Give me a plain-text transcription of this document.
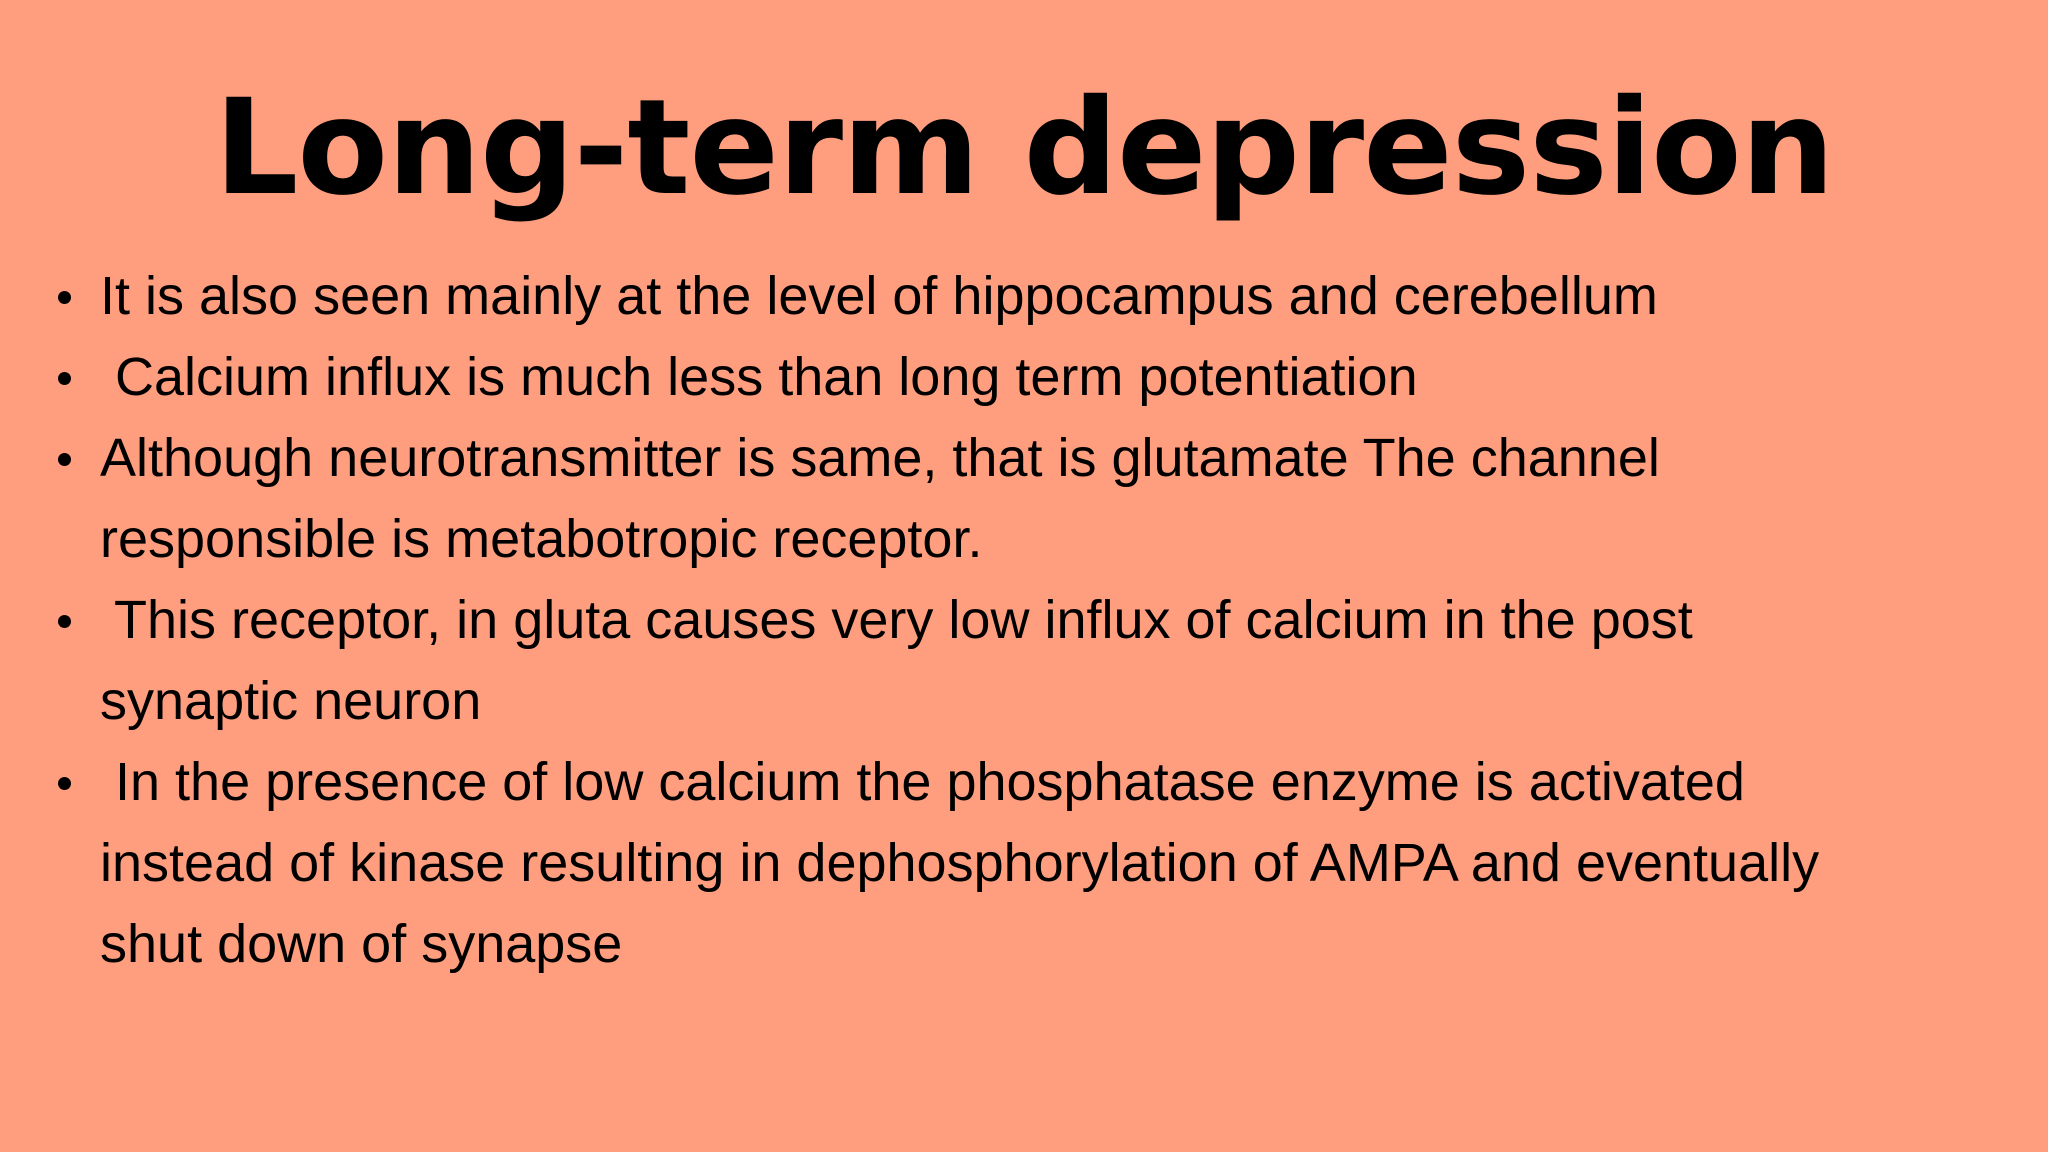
Long-term depression
It is also seen mainly at the level of hippocampus and cerebellum
Calcium influx is much less than long term potentiation
Although neurotransmitter is same, that is glutamate The channel
responsible is metabotropic receptor.
This receptor, in gluta causes very low influx of calcium in the post
synaptic neuron
In the presence of low calcium the phosphatase enzyme is activated
instead of kinase resulting in dephosphorylation of AMPA and eventually
shut down of synapse
